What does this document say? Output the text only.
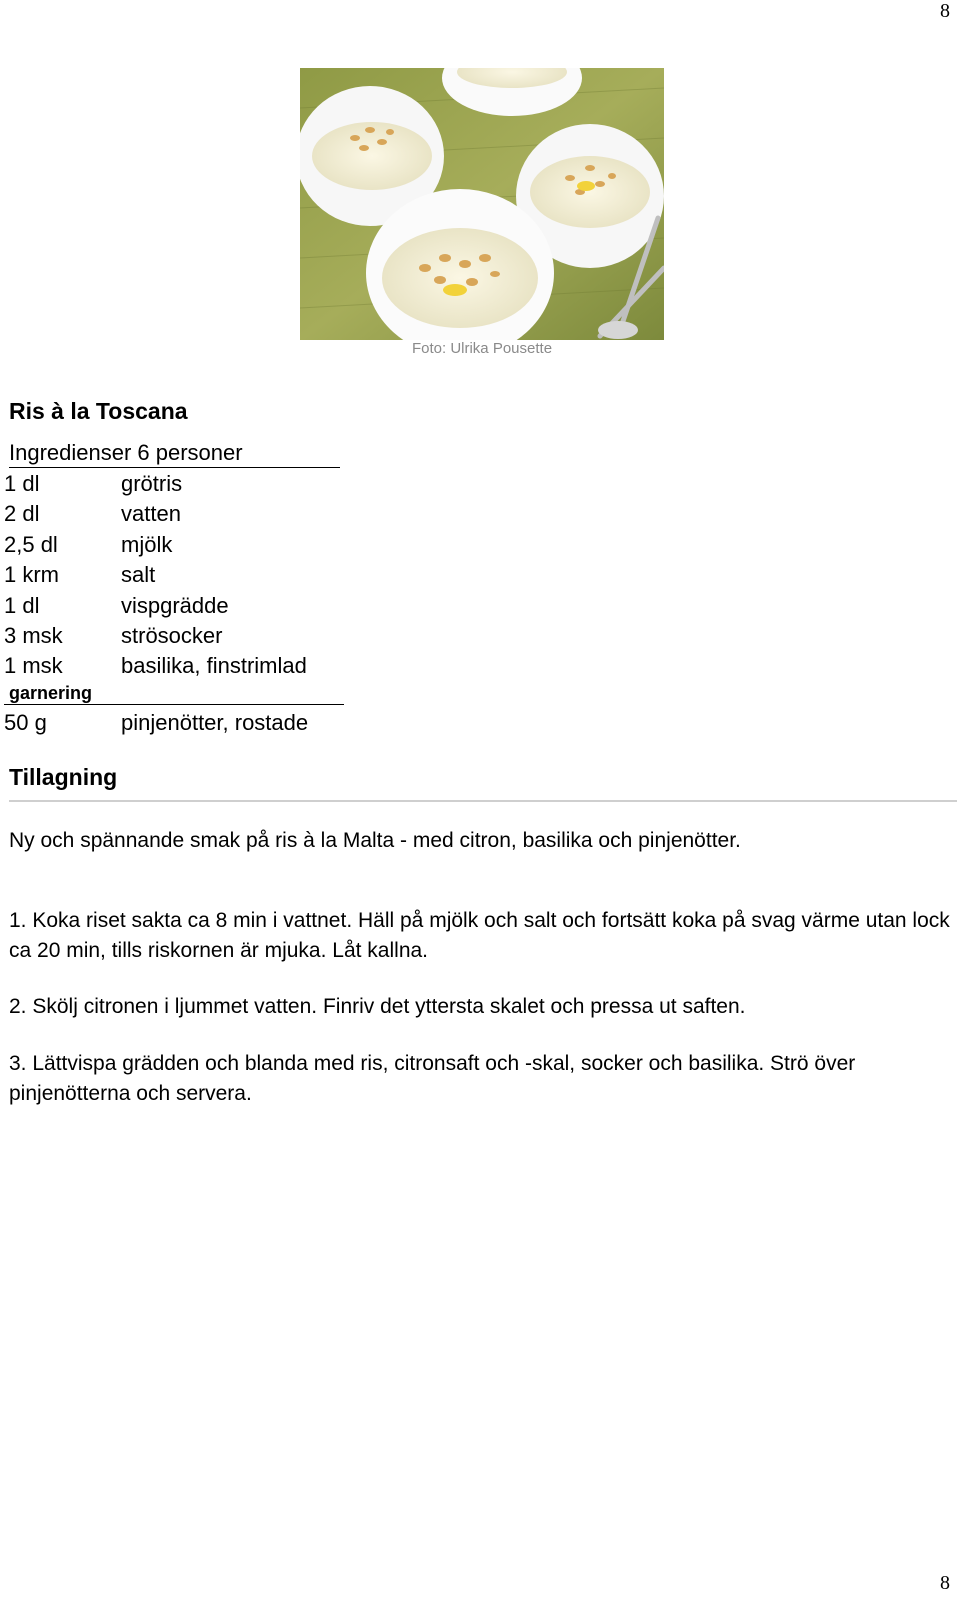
8
Foto: Ulrika Pousette
Ris à la Toscana
Ingredienser 6 personer
1 dl	grötris
2 dl	vatten
2,5 dl	mjölk
1 krm	salt
1 dl	vispgrädde
3 msk	strösocker
1 msk	basilika, finstrimlad
garnering
50 g	pinjenötter, rostade
Tillagning
Ny och spännande smak på ris à la Malta - med citron, basilika och pinjenötter.
1. Koka riset sakta ca 8 min i vattnet. Häll på mjölk och salt och fortsätt koka på svag värme utan lock ca 20 min, tills riskornen är mjuka. Låt kallna.
2. Skölj citronen i ljummet vatten. Finriv det yttersta skalet och pressa ut saften.
3. Lättvispa grädden och blanda med ris, citronsaft och -skal, socker och basilika. Strö över pinjenötterna och servera.
8
